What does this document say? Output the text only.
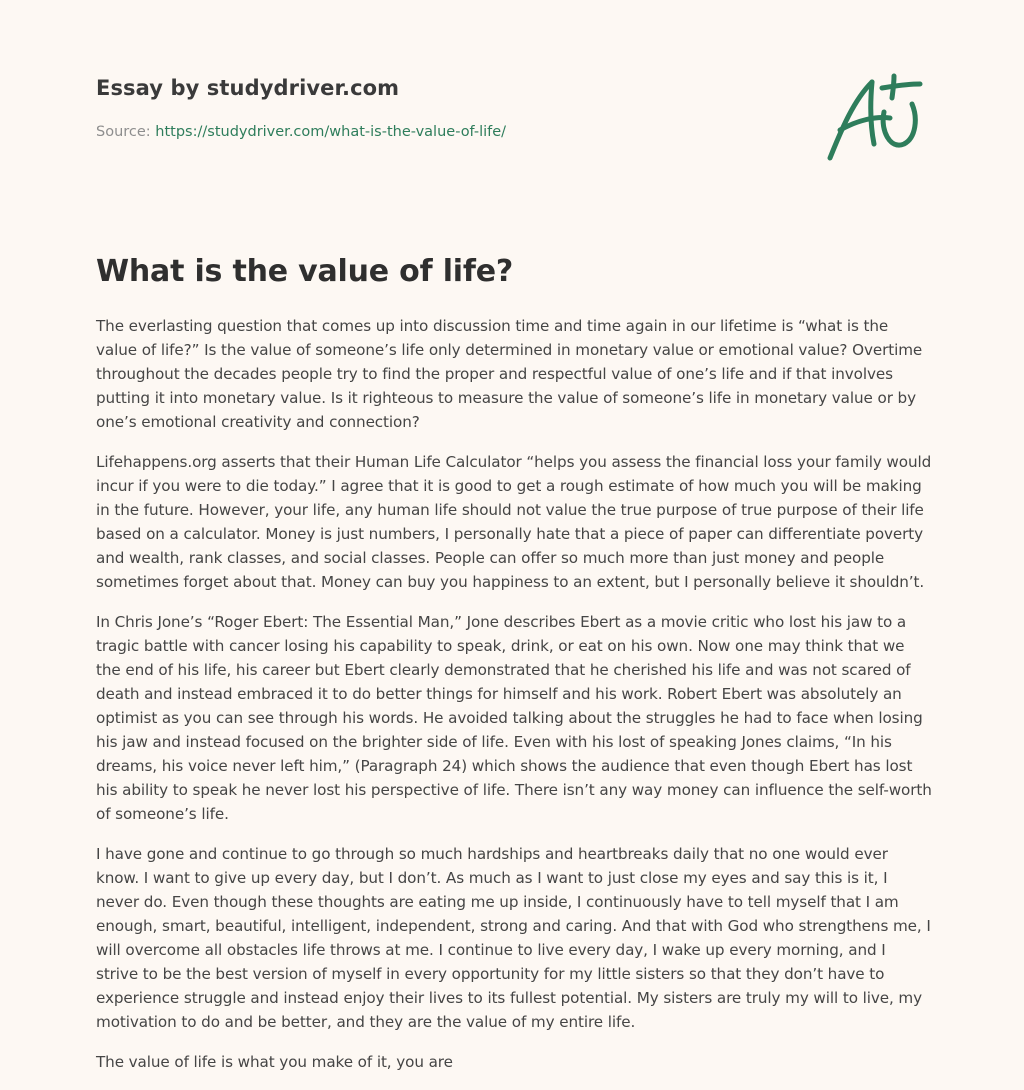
Essay by studydriver.com

Source: https://studydriver.com/what-is-the-value-of-life/

What is the value of life?

The everlasting question that comes up into discussion time and time again in our lifetime is “what is the value of life?” Is the value of someone’s life only determined in monetary value or emotional value? Overtime throughout the decades people try to find the proper and respectful value of one’s life and if that involves putting it into monetary value. Is it righteous to measure the value of someone’s life in monetary value or by one’s emotional creativity and connection?

Lifehappens.org asserts that their Human Life Calculator “helps you assess the financial loss your family would incur if you were to die today.” I agree that it is good to get a rough estimate of how much you will be making in the future. However, your life, any human life should not value the true purpose of true purpose of their life based on a calculator. Money is just numbers, I personally hate that a piece of paper can differentiate poverty and wealth, rank classes, and social classes. People can offer so much more than just money and people sometimes forget about that. Money can buy you happiness to an extent, but I personally believe it shouldn’t.

In Chris Jone’s “Roger Ebert: The Essential Man,” Jone describes Ebert as a movie critic who lost his jaw to a tragic battle with cancer losing his capability to speak, drink, or eat on his own. Now one may think that we the end of his life, his career but Ebert clearly demonstrated that he cherished his life and was not scared of death and instead embraced it to do better things for himself and his work. Robert Ebert was absolutely an optimist as you can see through his words. He avoided talking about the struggles he had to face when losing his jaw and instead focused on the brighter side of life. Even with his lost of speaking Jones claims, “In his dreams, his voice never left him,” (Paragraph 24) which shows the audience that even though Ebert has lost his ability to speak he never lost his perspective of life. There isn’t any way money can influence the self-worth of someone’s life.

I have gone and continue to go through so much hardships and heartbreaks daily that no one would ever know. I want to give up every day, but I don’t. As much as I want to just close my eyes and say this is it, I never do. Even though these thoughts are eating me up inside, I continuously have to tell myself that I am enough, smart, beautiful, intelligent, independent, strong and caring. And that with God who strengthens me, I will overcome all obstacles life throws at me. I continue to live every day, I wake up every morning, and I strive to be the best version of myself in every opportunity for my little sisters so that they don’t have to experience struggle and instead enjoy their lives to its fullest potential. My sisters are truly my will to live, my motivation to do and be better, and they are the value of my entire life.

The value of life is what you make of it, you are
